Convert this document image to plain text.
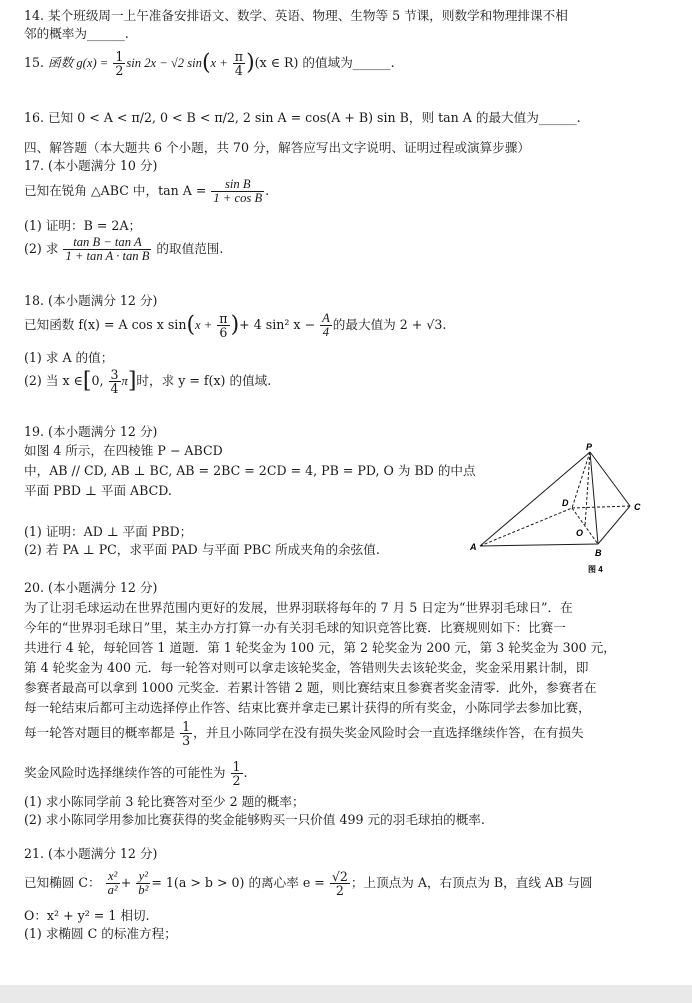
14. 某个班级周一上午准备安排语文、数学、英语、物理、生物等 5 节课，则数学和物理排课不相
邻的概率为______.
15. 函数 $g(x) = \frac{1}{2}$ sin 2x − √2 $\sin(x + \frac{\pi}{4} )(x$ ∈ R) 的值域为______.
16. 已知 0 < A < π/2, 0 < B < π/2, 2 sin A = cos(A + B) sin B，则 tan A 的最大值为______.
四、解答题（本大题共 6 个小题，共 70 分，解答应写出文字说明、证明过程或演算步骤）
17. (本小题满分 10 分)
已知在锐角 △ABC 中，$\tan A = \frac{\text{sin B}}{\text{1 + cos B}}$ .
(1) 证明：B = 2A；
(2) 求 $\frac{\text{tan B − tan A}}{\text{1 + tan A · tan B}}$ 的取值范围.
18. (本小题满分 12 分)
已知函数 f(x) = A cos x $\sin(x + \frac{\pi}{6}$ )+ 4 sin² $x - \frac{A}{4}$ 的最大值为 2 + √3.
(1) 求 A 的值；
(2) 当 x ∈[0, $\frac{3}{4} \pi$]时，求 y = f(x) 的值域.
19. (本小题满分 12 分)
如图 4 所示，在四棱锥 P − ABCD
中，AB // CD, AB ⊥ BC, AB = 2BC = 2CD = 4, PB = PD, O 为 BD 的中点
平面 PBD ⊥ 平面 ABCD.
(1) 证明：AD ⊥ 平面 PBD；
(2) 若 PA ⊥ PC，求平面 PAD 与平面 PBC 所成夹角的余弦值.
P
A
B
C
D
O
图 4
20. (本小题满分 12 分)
为了让羽毛球运动在世界范围内更好的发展，世界羽联将每年的 7 月 5 日定为“世界羽毛球日”．在
今年的“世界羽毛球日”里，某主办方打算一办有关羽毛球的知识竞答比赛．比赛规则如下：比赛一
共进行 4 轮，每轮回答 1 道题．第 1 轮奖金为 100 元，第 2 轮奖金为 200 元，第 3 轮奖金为 300 元，
第 4 轮奖金为 400 元．每一轮答对则可以拿走该轮奖金，答错则失去该轮奖金，奖金采用累计制，即
参赛者最高可以拿到 1000 元奖金．若累计答错 2 题，则比赛结束且参赛者奖金清零．此外，参赛者在
每一轮结束后都可主动选择停止作答、结束比赛并拿走已累计获得的所有奖金，小陈同学去参加比赛，
每一轮答对题目的概率都是 $\frac{1}{3}$ ，并且小陈同学在没有损失奖金风险时会一直选择继续作答，在有损失
奖金风险时选择继续作答的可能性为 $\frac{1}{2}$ .
(1) 求小陈同学前 3 轮比赛答对至少 2 题的概率；
(2) 求小陈同学用参加比赛获得的奖金能够购买一只价值 499 元的羽毛球拍的概率.
21. (本小题满分 12 分)
已知椭圆 C： $\frac{\text{x²}}{\text{a²}} + \frac{\text{y²}}{\text{b²}} = 1(a > b > 0)$ 的离心率 $e = \frac{√2}{2}$ ；上顶点为 A，右顶点为 B，直线 AB 与圆
O：x² + y² = 1 相切.
(1) 求椭圆 C 的标准方程；
